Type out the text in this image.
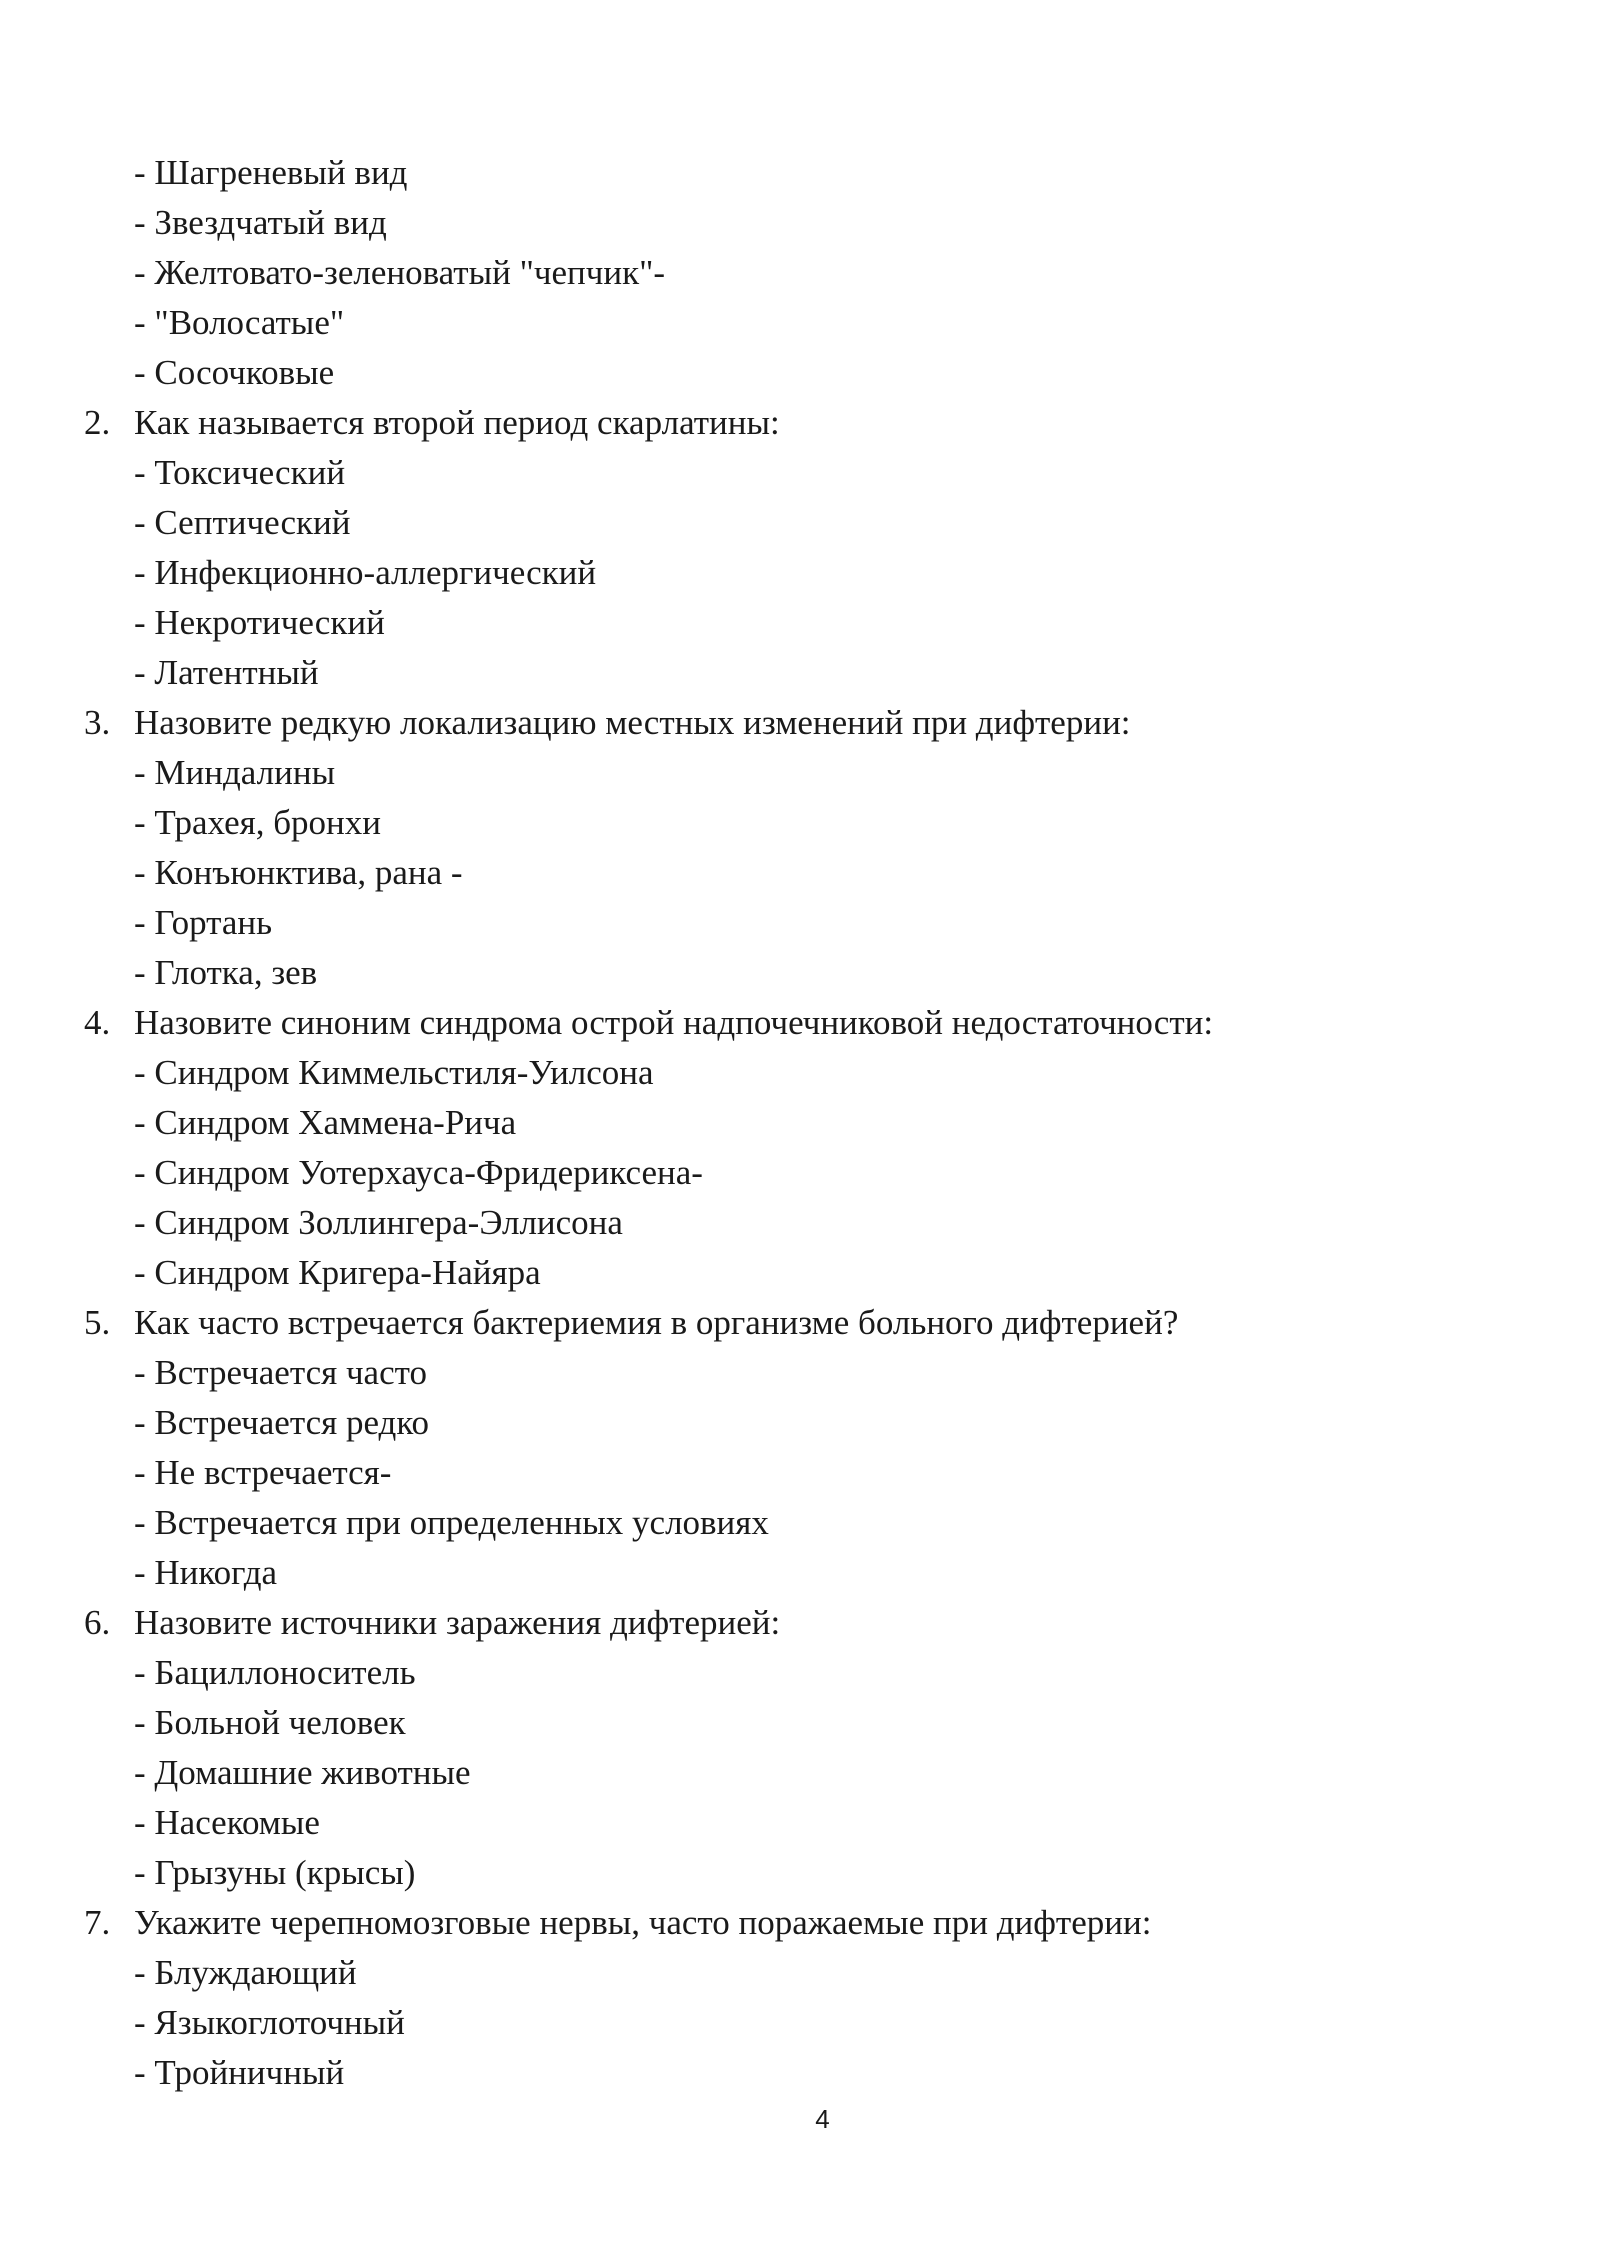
- Шагреневый вид
- Звездчатый вид
- Желтовато-зеленоватый "чепчик"-
- "Волосатые"
- Сосочковые
2. Как называется второй период скарлатины:
- Токсический
- Септический
- Инфекционно-аллергический
- Некротический
- Латентный
3. Назовите редкую локализацию местных изменений при дифтерии:
- Миндалины
- Трахея, бронхи
- Конъюнктива, рана -
- Гортань
- Глотка, зев
4. Назовите синоним синдрома острой надпочечниковой недостаточности:
- Синдром Киммельстиля-Уилсона
- Синдром Хаммена-Рича
- Синдром Уотерхауса-Фридериксена-
- Синдром Золлингера-Эллисона
- Синдром Кригера-Найяра
5. Как часто встречается бактериемия в организме больного дифтерией?
- Встречается часто
- Встречается редко
- Не встречается-
- Встречается при определенных условиях
- Никогда
6. Назовите источники заражения дифтерией:
- Бациллоноситель
- Больной человек
- Домашние животные
- Насекомые
- Грызуны (крысы)
7. Укажите черепномозговые нервы, часто поражаемые при дифтерии:
- Блуждающий
- Языкоглоточный
- Тройничный
4
